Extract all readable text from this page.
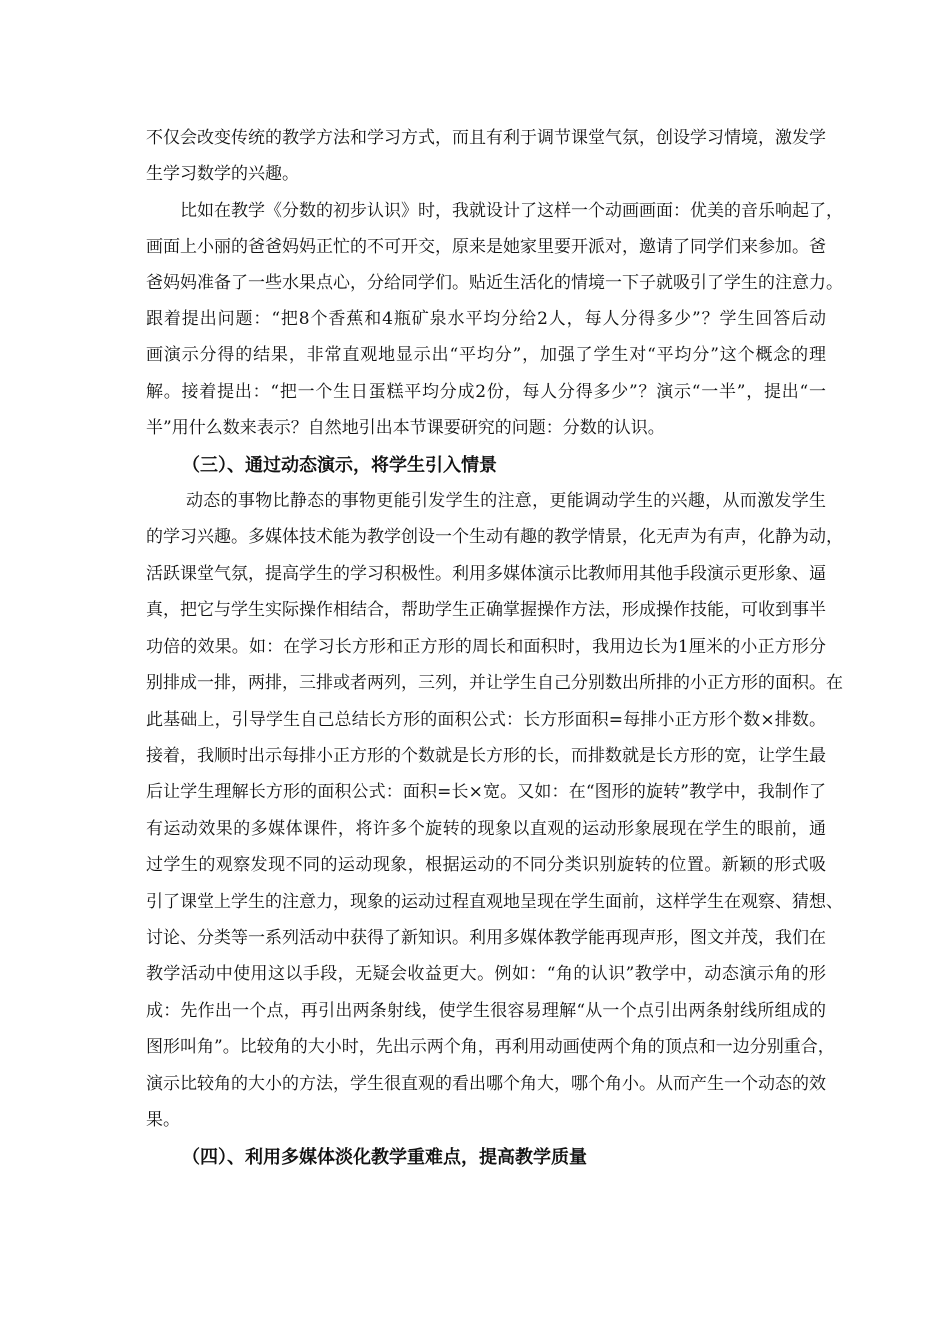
不仅会改变传统的教学方法和学习方式，而且有利于调节课堂气氛，创设学习情境，激发学
生学习数学的兴趣。
比如在教学《分数的初步认识》时，我就设计了这样一个动画画面：优美的音乐响起了，
画面上小丽的爸爸妈妈正忙的不可开交，原来是她家里要开派对，邀请了同学们来参加。爸
爸妈妈准备了一些水果点心，分给同学们。贴近生活化的情境一下子就吸引了学生的注意力。
跟着提出问题：“把8个香蕉和4瓶矿泉水平均分给2人，每人分得多少”？学生回答后动
画演示分得的结果，非常直观地显示出“平均分”，加强了学生对“平均分”这个概念的理
解。接着提出：“把一个生日蛋糕平均分成2份，每人分得多少”？演示“一半”，提出“一
半”用什么数来表示？自然地引出本节课要研究的问题：分数的认识。
（三）、通过动态演示，将学生引入情景
动态的事物比静态的事物更能引发学生的注意，更能调动学生的兴趣，从而激发学生
的学习兴趣。多媒体技术能为教学创设一个生动有趣的教学情景，化无声为有声，化静为动，
活跃课堂气氛，提高学生的学习积极性。利用多媒体演示比教师用其他手段演示更形象、逼
真，把它与学生实际操作相结合，帮助学生正确掌握操作方法，形成操作技能，可收到事半
功倍的效果。如：在学习长方形和正方形的周长和面积时，我用边长为1厘米的小正方形分
别排成一排，两排，三排或者两列，三列，并让学生自己分别数出所排的小正方形的面积。在
此基础上，引导学生自己总结长方形的面积公式：长方形面积=每排小正方形个数×排数。
接着，我顺时出示每排小正方形的个数就是长方形的长，而排数就是长方形的宽，让学生最
后让学生理解长方形的面积公式：面积=长×宽。又如：在“图形的旋转”教学中，我制作了
有运动效果的多媒体课件，将许多个旋转的现象以直观的运动形象展现在学生的眼前，通
过学生的观察发现不同的运动现象，根据运动的不同分类识别旋转的位置。新颖的形式吸
引了课堂上学生的注意力，现象的运动过程直观地呈现在学生面前，这样学生在观察、猜想、
讨论、分类等一系列活动中获得了新知识。利用多媒体教学能再现声形，图文并茂，我们在
教学活动中使用这以手段，无疑会收益更大。例如：“角的认识”教学中，动态演示角的形
成：先作出一个点，再引出两条射线，使学生很容易理解“从一个点引出两条射线所组成的
图形叫角”。比较角的大小时，先出示两个角，再利用动画使两个角的顶点和一边分别重合，
演示比较角的大小的方法，学生很直观的看出哪个角大，哪个角小。从而产生一个动态的效
果。
（四）、利用多媒体淡化教学重难点，提高教学质量
